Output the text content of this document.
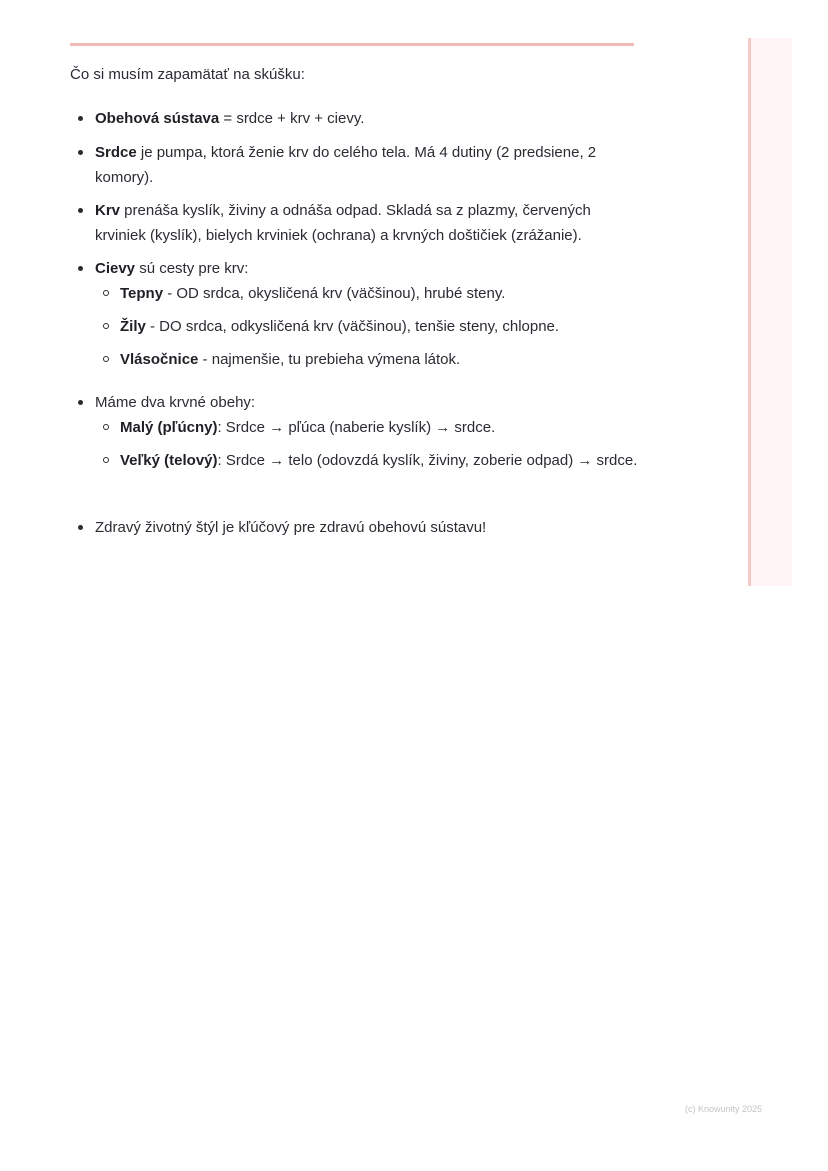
Čo si musím zapamätať na skúšku:
Obehová sústava = srdce + krv + cievy.
Srdce je pumpa, ktorá ženie krv do celého tela. Má 4 dutiny (2 predsiene, 2 komory).
Krv prenáša kyslík, živiny a odnáša odpad. Skladá sa z plazmy, červených krviniek (kyslík), bielych krviniek (ochrana) a krvných doštičiek (zrážanie).
Cievy sú cesty pre krv:
Tepny - OD srdca, okysličená krv (väčšinou), hrubé steny.
Žily - DO srdca, odkysličená krv (väčšinou), tenšie steny, chlopne.
Vlásočnice - najmenšie, tu prebieha výmena látok.
Máme dva krvné obehy:
Malý (pľúcny): Srdce → pľúca (naberie kyslík) → srdce.
Veľký (telový): Srdce → telo (odovzdá kyslík, živiny, zoberie odpad) → srdce.
Zdravý životný štýl je kľúčový pre zdravú obehovú sústavu!
(c) Knowunity 2025
